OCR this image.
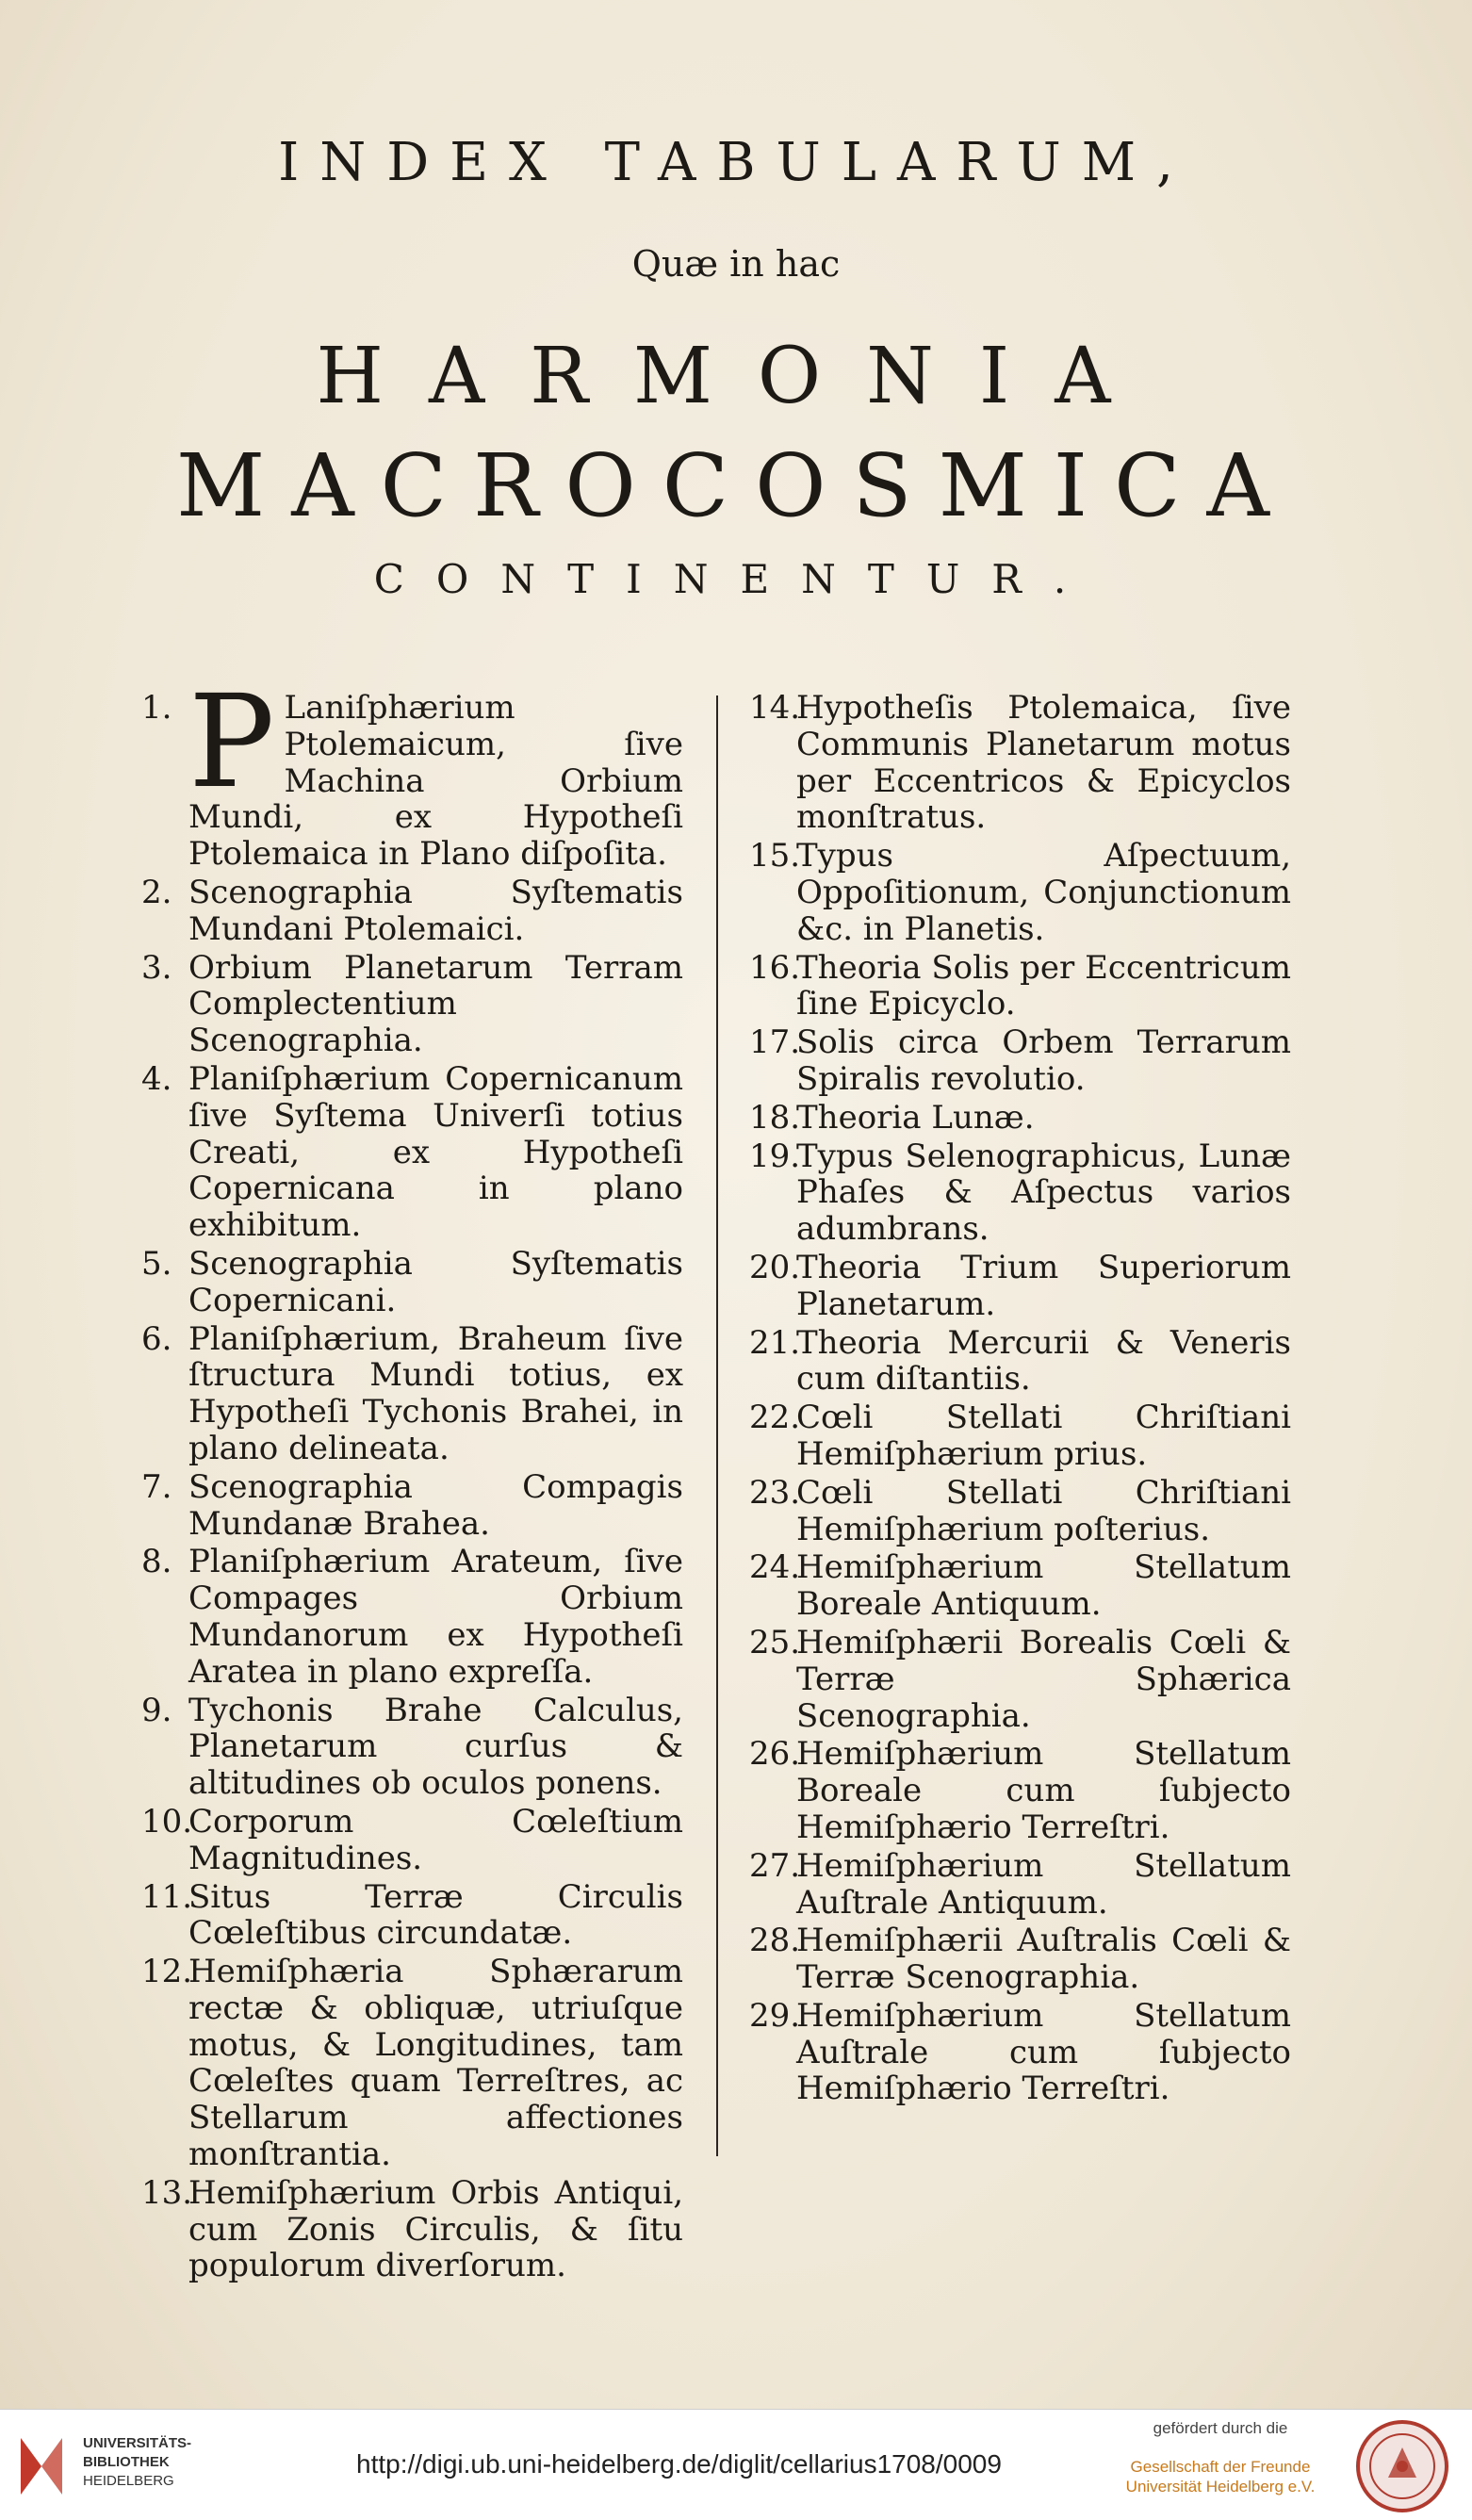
INDEX TABULARUM,
Quæ in hac
HARMONIA
MACROCOSMICA
CONTINENTUR.
1. P Laniſphærium Ptolemaicum, ſive Machina Orbium Mundi, ex Hypotheſi Ptolemaica in Plano diſpoſita.
2. Scenographia Syſtematis Mundani Ptolemaici.
3. Orbium Planetarum Terram Complectentium Scenographia.
4. Planiſphærium Copernicanum ſive Syſtema Univerſi totius Creati, ex Hypotheſi Copernicana in plano exhibitum.
5. Scenographia Syſtematis Copernicani.
6. Planiſphærium, Braheum ſive ſtructura Mundi totius, ex Hypotheſi Tychonis Brahei, in plano delineata.
7. Scenographia Compagis Mundanæ Brahea.
8. Planiſphærium Arateum, ſive Compages Orbium Mundanorum ex Hypotheſi Aratea in plano expreſſa.
9. Tychonis Brahe Calculus, Planetarum curſus & altitudines ob oculos ponens.
10.
Corporum Cœleſtium Magnitudines.
11.
Situs Terræ Circulis Cœleſtibus circundatæ.
12.
Hemiſphæria Sphærarum rectæ & obliquæ, utriuſque motus, & Longitudines, tam Cœleſtes quam Terreſtres, ac Stellarum affectiones monſtrantia.
13.
Hemiſphærium Orbis Antiqui, cum Zonis Circulis, & ſitu populorum diverſorum.
14.
Hypotheſis Ptolemaica, ſive Communis Planetarum motus per Eccentricos & Epicyclos monſtratus.
15.
Typus Aſpectuum, Oppoſitionum, Conjunctionum &c. in Planetis.
16.
Theoria Solis per Eccentricum ſine Epicyclo.
17.
Solis circa Orbem Terrarum Spiralis revolutio.
18.
Theoria Lunæ.
19.
Typus Selenographicus, Lunæ Phaſes & Aſpectus varios adumbrans.
20.
Theoria Trium Superiorum Planetarum.
21.
Theoria Mercurii & Veneris cum diſtantiis.
22.
Cœli Stellati Chriſtiani Hemiſphærium prius.
23.
Cœli Stellati Chriſtiani Hemiſphærium poſterius.
24.
Hemiſphærium Stellatum Boreale Antiquum.
25.
Hemiſphærii Borealis Cœli & Terræ Sphærica Scenographia.
26.
Hemiſphærium Stellatum Boreale cum ſubjecto Hemiſphærio Terreſtri.
27.
Hemiſphærium Stellatum Auſtrale Antiquum.
28.
Hemiſphærii Auſtralis Cœli & Terræ Scenographia.
29.
Hemiſphærium Stellatum Auſtrale cum ſubjecto Hemiſphærio Terreſtri.
UNIVERSITÄTS-
BIBLIOTHEK
HEIDELBERG
http://digi.ub.uni-heidelberg.de/diglit/cellarius1708/0009
gefördert durch die
Gesellschaft der Freunde
Universität Heidelberg e.V.
